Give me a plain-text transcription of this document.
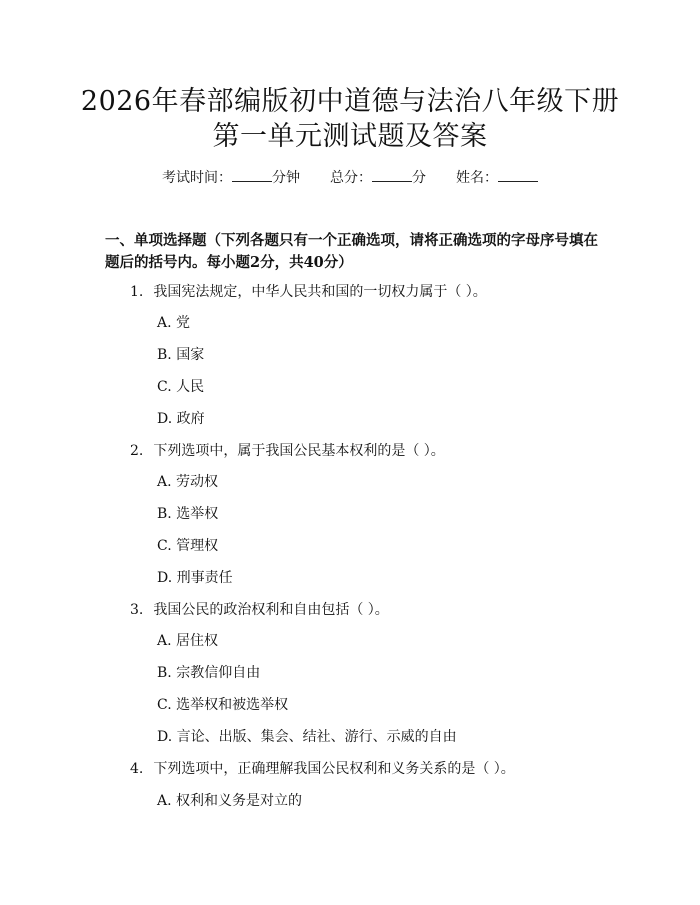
2026年春部编版初中道德与法治八年级下册
第一单元测试题及答案
考试时间：	分钟 总分：	分 姓名：
一、单项选择题（下列各题只有一个正确选项，请将正确选项的字母序号填在题后的括号内。每小题2分，共40分）
1. 我国宪法规定，中华人民共和国的一切权力属于（ ）。
A. 党
B. 国家
C. 人民
D. 政府
2. 下列选项中，属于我国公民基本权利的是（ ）。
A. 劳动权
B. 选举权
C. 管理权
D. 刑事责任
3. 我国公民的政治权利和自由包括（ ）。
A. 居住权
B. 宗教信仰自由
C. 选举权和被选举权
D. 言论、出版、集会、结社、游行、示威的自由
4. 下列选项中，正确理解我国公民权利和义务关系的是（ ）。
A. 权利和义务是对立的
